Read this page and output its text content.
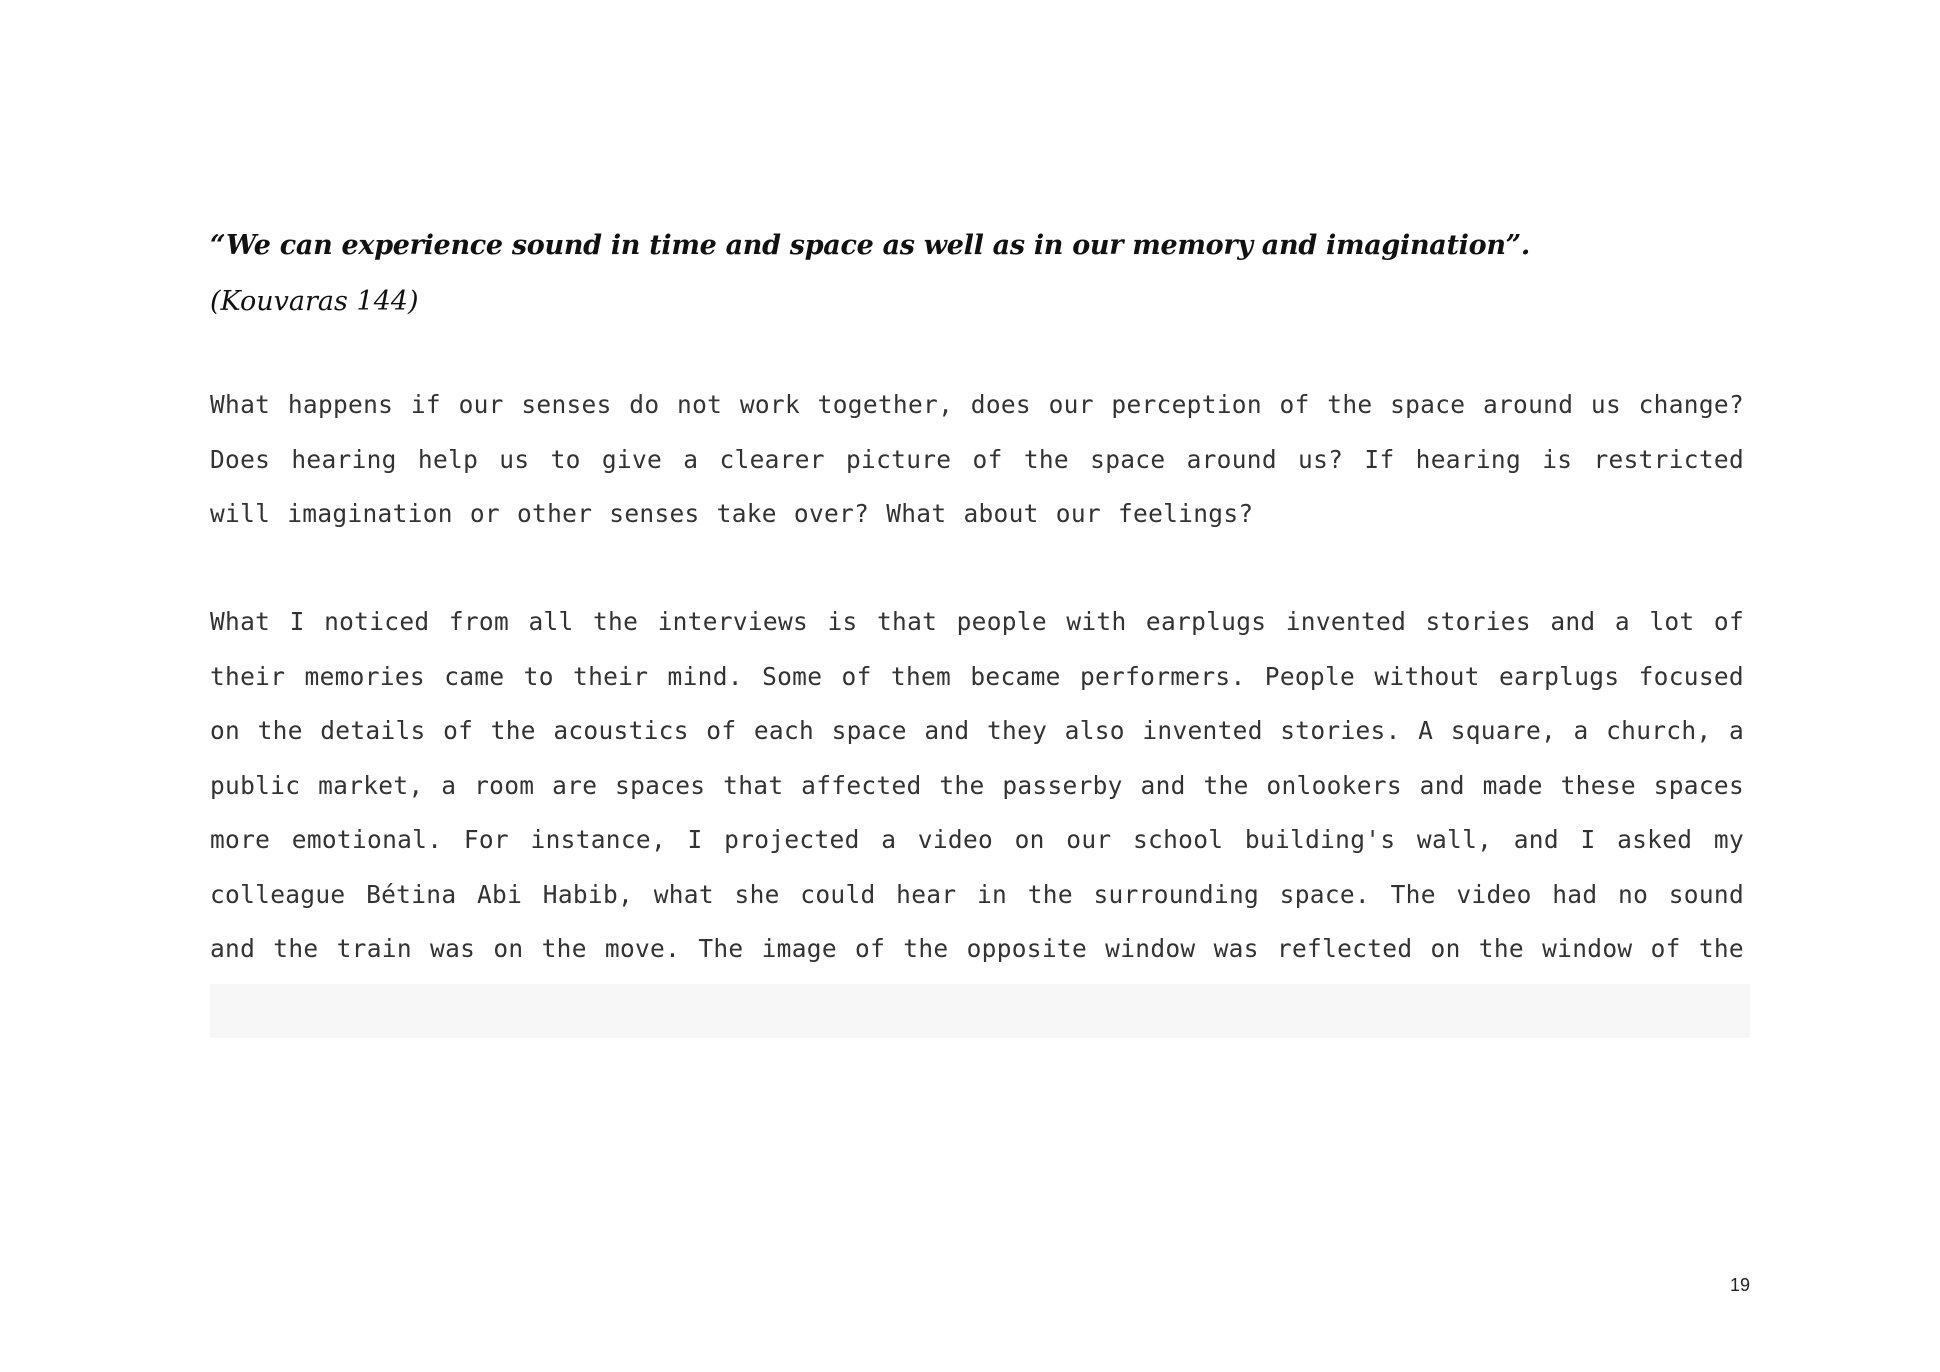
“We can experience sound in time and space as well as in our memory and imagination”.
(Kouvaras 144)

What happens if our senses do not work together, does our perception of the space around us change? Does hearing help us to give a clearer picture of the space around us? If hearing is restricted will imagination or other senses take over? What about our feelings?

What I noticed from all the interviews is that people with earplugs invented stories and a lot of their memories came to their mind. Some of them became performers. People without earplugs focused on the details of the acoustics of each space and they also invented stories. A square, a church, a public market, a room are spaces that affected the passerby and the onlookers and made these spaces more emotional. For instance, I projected a video on our school building's wall, and I asked my colleague Bétina Abi Habib, what she could hear in the surrounding space. The video had no sound and the train was on the move. The image of the opposite window was reflected on the window of the

19
